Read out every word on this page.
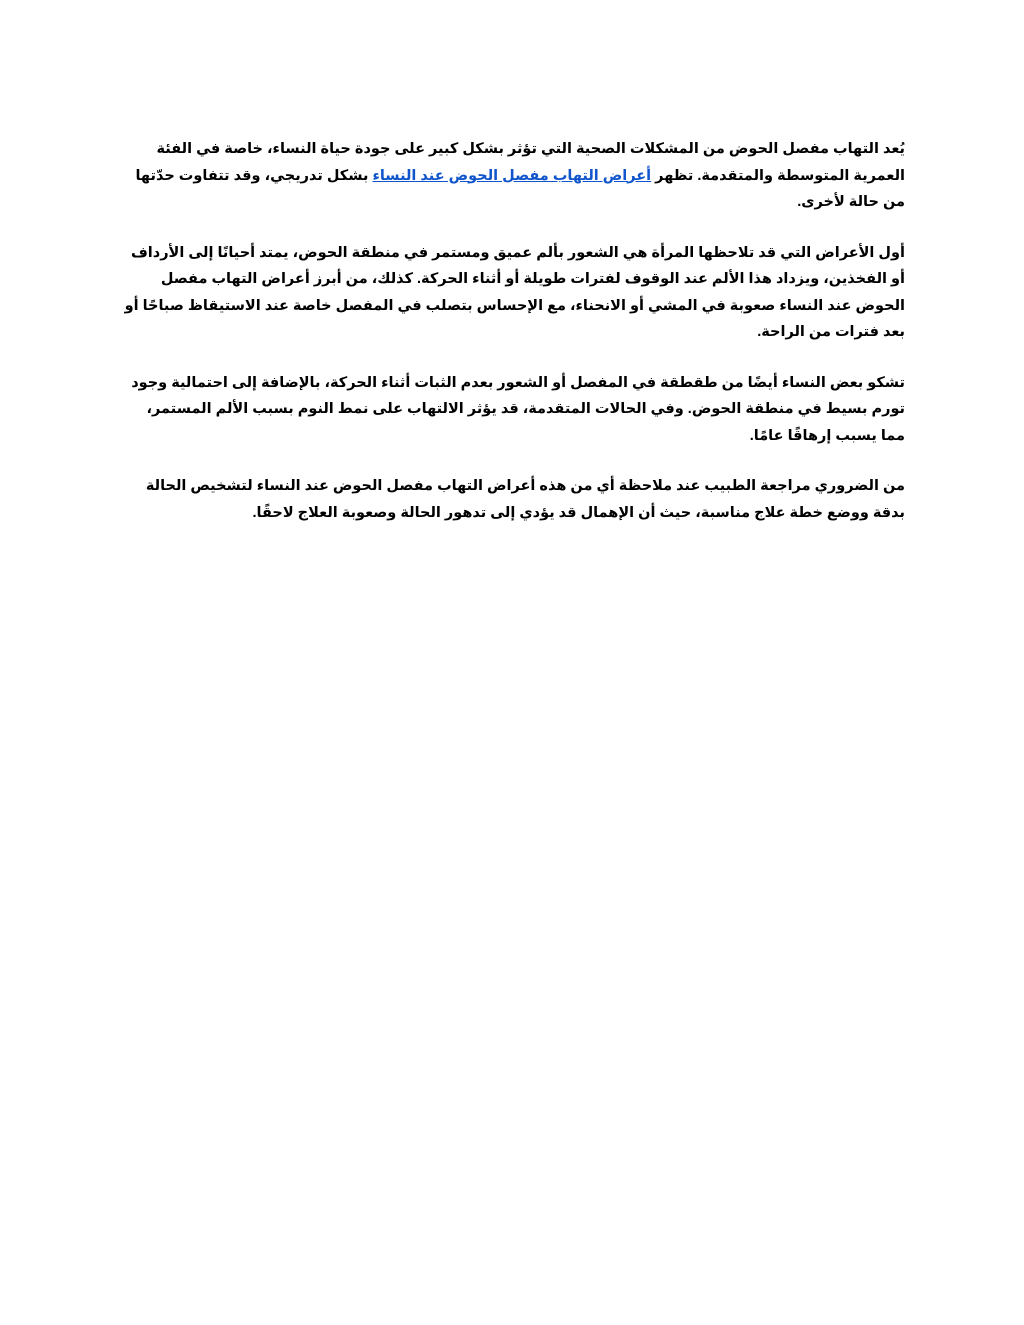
يُعد التهاب مفصل الحوض من المشكلات الصحية التي تؤثر بشكل كبير على جودة حياة النساء، خاصة في الفئة العمرية المتوسطة والمتقدمة. تظهر أعراض التهاب مفصل الحوض عند النساء بشكل تدريجي، وقد تتفاوت حدّتها من حالة لأخرى.

أول الأعراض التي قد تلاحظها المرأة هي الشعور بألم عميق ومستمر في منطقة الحوض، يمتد أحيانًا إلى الأرداف أو الفخذين، ويزداد هذا الألم عند الوقوف لفترات طويلة أو أثناء الحركة. كذلك، من أبرز أعراض التهاب مفصل الحوض عند النساء صعوبة في المشي أو الانحناء، مع الإحساس بتصلب في المفصل خاصة عند الاستيقاظ صباحًا أو بعد فترات من الراحة.

تشكو بعض النساء أيضًا من طقطقة في المفصل أو الشعور بعدم الثبات أثناء الحركة، بالإضافة إلى احتمالية وجود تورم بسيط في منطقة الحوض. وفي الحالات المتقدمة، قد يؤثر الالتهاب على نمط النوم بسبب الألم المستمر، مما يسبب إرهاقًا عامًا.

من الضروري مراجعة الطبيب عند ملاحظة أي من هذه أعراض التهاب مفصل الحوض عند النساء لتشخيص الحالة بدقة ووضع خطة علاج مناسبة، حيث أن الإهمال قد يؤدي إلى تدهور الحالة وصعوبة العلاج لاحقًا.
